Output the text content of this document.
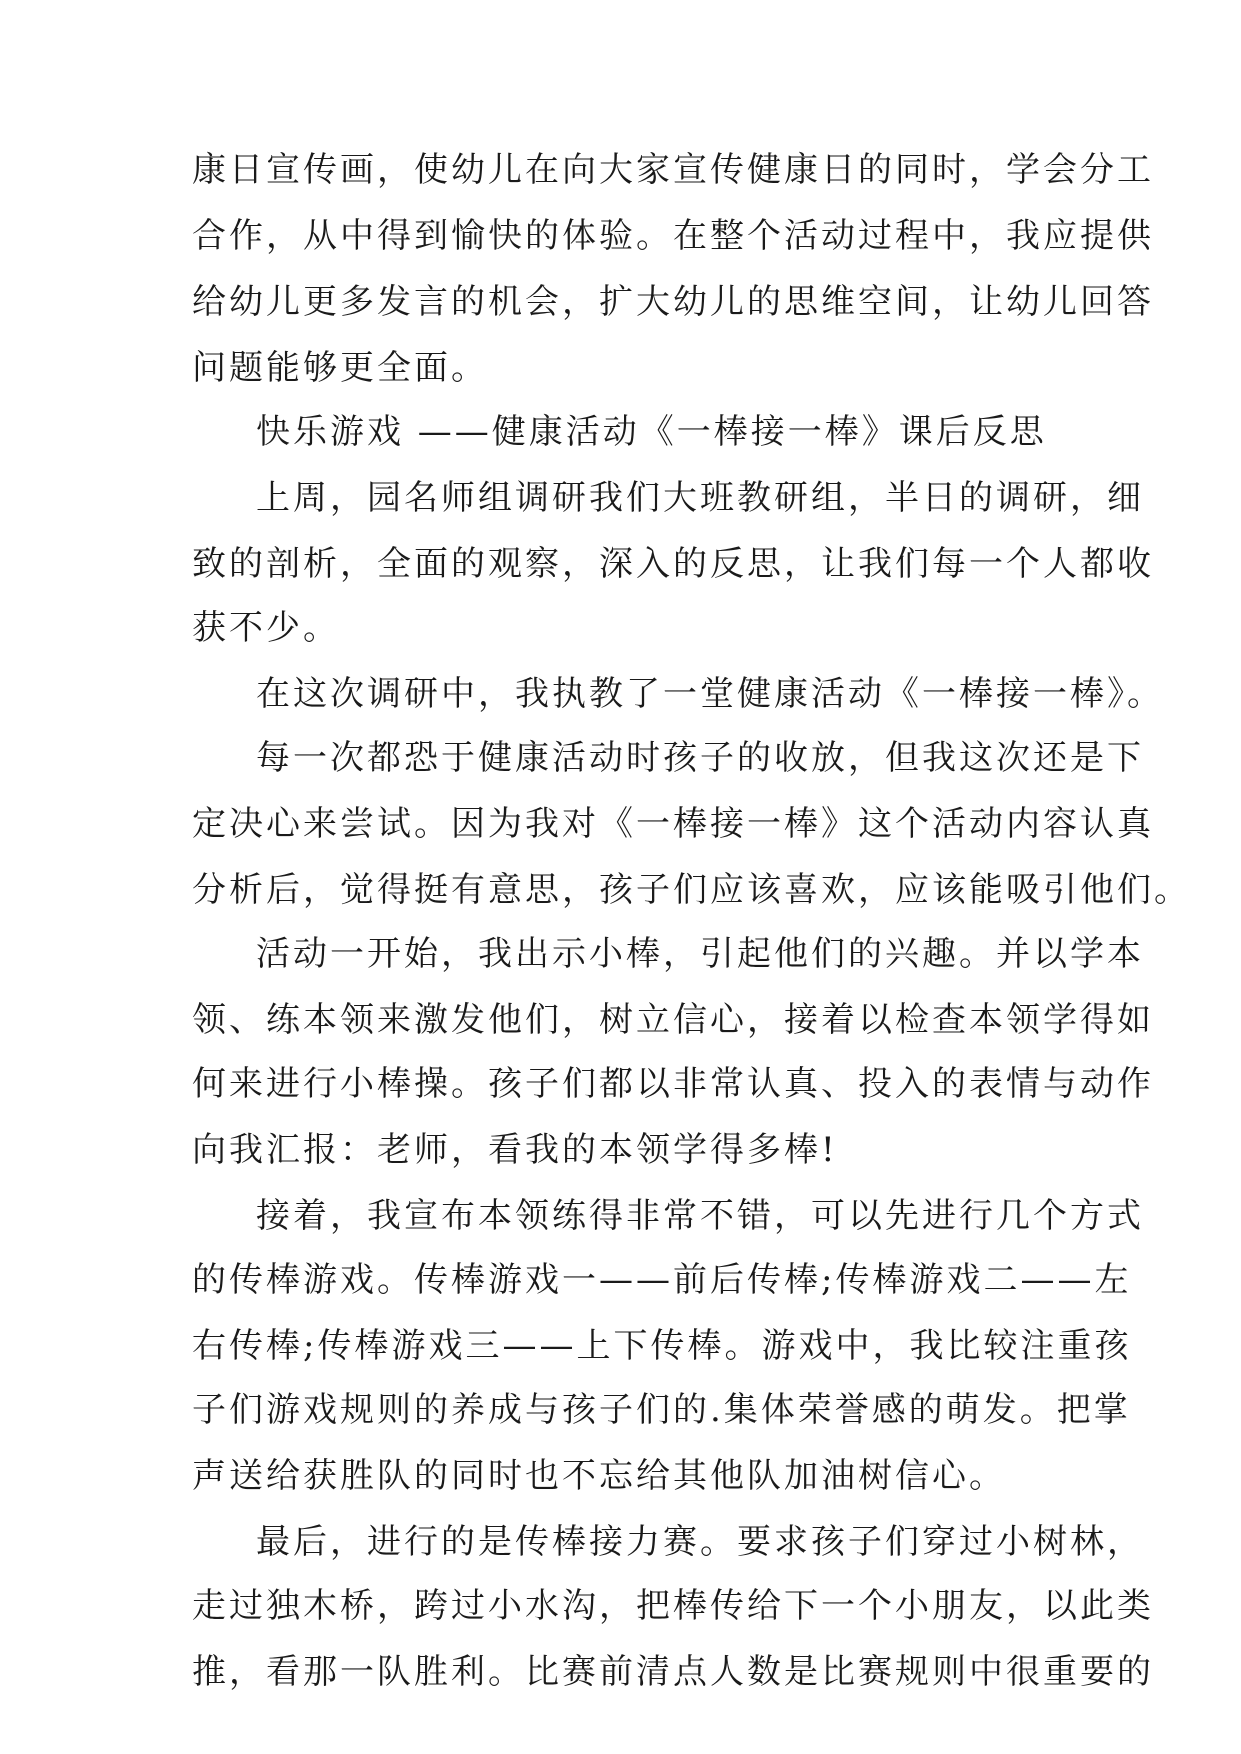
康日宣传画，使幼儿在向大家宣传健康日的同时，学会分工
合作，从中得到愉快的体验。在整个活动过程中，我应提供
给幼儿更多发言的机会，扩大幼儿的思维空间，让幼儿回答
问题能够更全面。
快乐游戏 ——健康活动《一棒接一棒》课后反思
上周，园名师组调研我们大班教研组，半日的调研，细
致的剖析，全面的观察，深入的反思，让我们每一个人都收
获不少。
在这次调研中，我执教了一堂健康活动《一棒接一棒》。
每一次都恐于健康活动时孩子的收放，但我这次还是下
定决心来尝试。因为我对《一棒接一棒》这个活动内容认真
分析后，觉得挺有意思，孩子们应该喜欢，应该能吸引他们。
活动一开始，我出示小棒，引起他们的兴趣。并以学本
领、练本领来激发他们，树立信心，接着以检查本领学得如
何来进行小棒操。孩子们都以非常认真、投入的表情与动作
向我汇报：老师，看我的本领学得多棒!
接着，我宣布本领练得非常不错，可以先进行几个方式
的传棒游戏。传棒游戏一——前后传棒;传棒游戏二——左
右传棒;传棒游戏三——上下传棒。游戏中，我比较注重孩
子们游戏规则的养成与孩子们的.集体荣誉感的萌发。把掌
声送给获胜队的同时也不忘给其他队加油树信心。
最后，进行的是传棒接力赛。要求孩子们穿过小树林，
走过独木桥，跨过小水沟，把棒传给下一个小朋友，以此类
推，看那一队胜利。比赛前清点人数是比赛规则中很重要的
